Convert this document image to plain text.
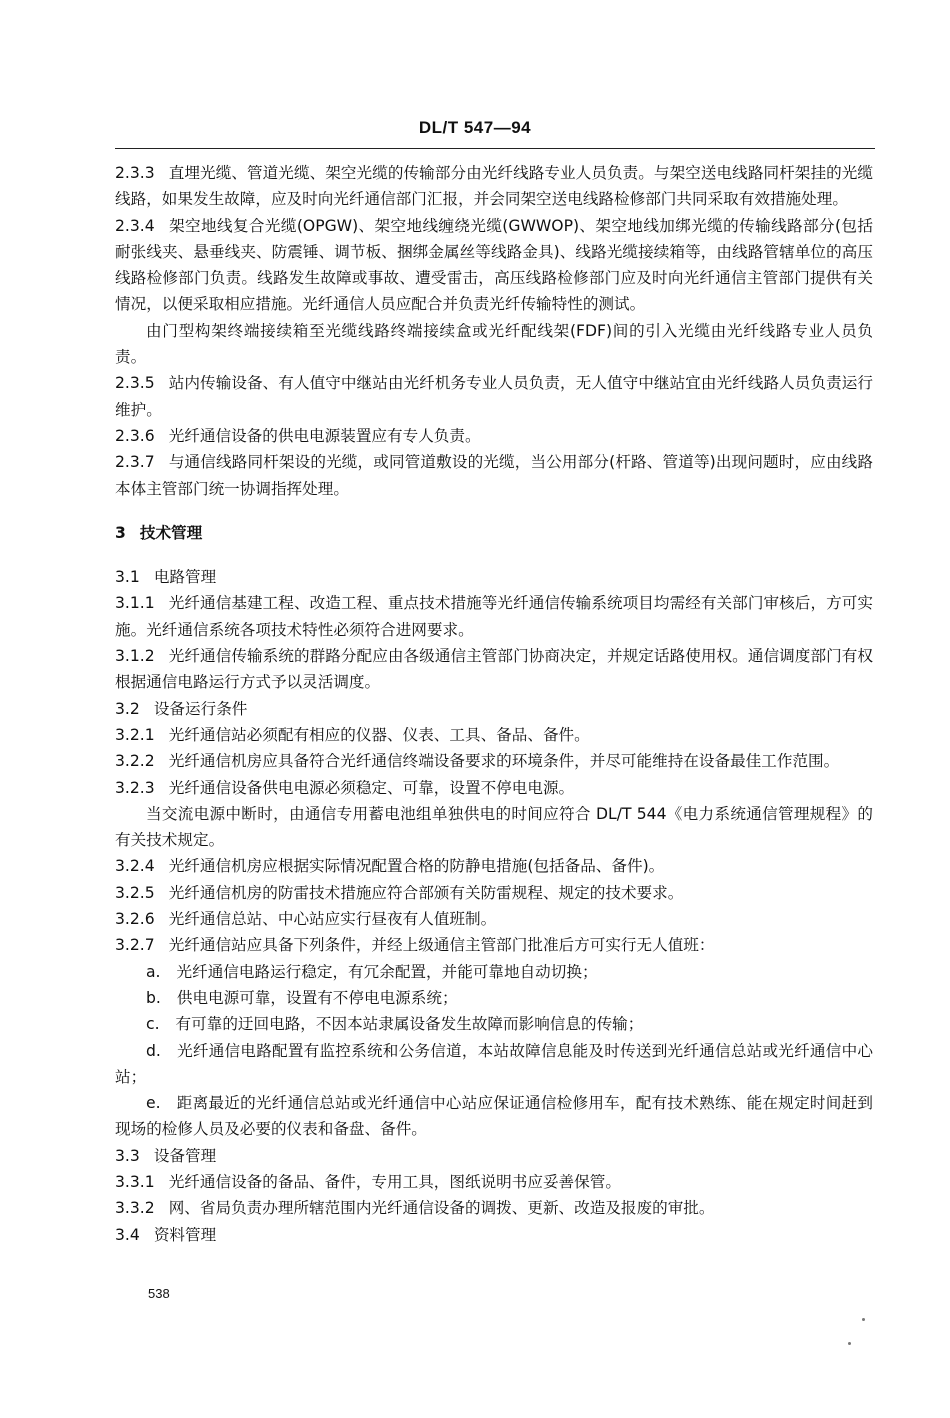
DL/T 547—94

2.3.3 直埋光缆、管道光缆、架空光缆的传输部分由光纤线路专业人员负责。与架空送电线路同杆架挂的光缆线路，如果发生故障，应及时向光纤通信部门汇报，并会同架空送电线路检修部门共同采取有效措施处理。

2.3.4 架空地线复合光缆(OPGW)、架空地线缠绕光缆(GWWOP)、架空地线加绑光缆的传输线路部分(包括耐张线夹、悬垂线夹、防震锤、调节板、捆绑金属丝等线路金具)、线路光缆接续箱等，由线路管辖单位的高压线路检修部门负责。线路发生故障或事故、遭受雷击，高压线路检修部门应及时向光纤通信主管部门提供有关情况，以便采取相应措施。光纤通信人员应配合并负责光纤传输特性的测试。

由门型构架终端接续箱至光缆线路终端接续盒或光纤配线架(FDF)间的引入光缆由光纤线路专业人员负责。

2.3.5 站内传输设备、有人值守中继站由光纤机务专业人员负责，无人值守中继站宜由光纤线路人员负责运行维护。

2.3.6 光纤通信设备的供电电源装置应有专人负责。

2.3.7 与通信线路同杆架设的光缆，或同管道敷设的光缆，当公用部分(杆路、管道等)出现问题时，应由线路本体主管部门统一协调指挥处理。

3 技术管理

3.1 电路管理

3.1.1 光纤通信基建工程、改造工程、重点技术措施等光纤通信传输系统项目均需经有关部门审核后，方可实施。光纤通信系统各项技术特性必须符合进网要求。

3.1.2 光纤通信传输系统的群路分配应由各级通信主管部门协商决定，并规定话路使用权。通信调度部门有权根据通信电路运行方式予以灵活调度。

3.2 设备运行条件

3.2.1 光纤通信站必须配有相应的仪器、仪表、工具、备品、备件。

3.2.2 光纤通信机房应具备符合光纤通信终端设备要求的环境条件，并尽可能维持在设备最佳工作范围。

3.2.3 光纤通信设备供电电源必须稳定、可靠，设置不停电电源。

当交流电源中断时，由通信专用蓄电池组单独供电的时间应符合 DL/T 544《电力系统通信管理规程》的有关技术规定。

3.2.4 光纤通信机房应根据实际情况配置合格的防静电措施(包括备品、备件)。

3.2.5 光纤通信机房的防雷技术措施应符合部颁有关防雷规程、规定的技术要求。

3.2.6 光纤通信总站、中心站应实行昼夜有人值班制。

3.2.7 光纤通信站应具备下列条件，并经上级通信主管部门批准后方可实行无人值班：

a. 光纤通信电路运行稳定，有冗余配置，并能可靠地自动切换；

b. 供电电源可靠，设置有不停电电源系统；

c. 有可靠的迂回电路，不因本站隶属设备发生故障而影响信息的传输；

d. 光纤通信电路配置有监控系统和公务信道，本站故障信息能及时传送到光纤通信总站或光纤通信中心站；

e. 距离最近的光纤通信总站或光纤通信中心站应保证通信检修用车，配有技术熟练、能在规定时间赶到现场的检修人员及必要的仪表和备盘、备件。

3.3 设备管理

3.3.1 光纤通信设备的备品、备件，专用工具，图纸说明书应妥善保管。

3.3.2 网、省局负责办理所辖范围内光纤通信设备的调拨、更新、改造及报废的审批。

3.4 资料管理

538
